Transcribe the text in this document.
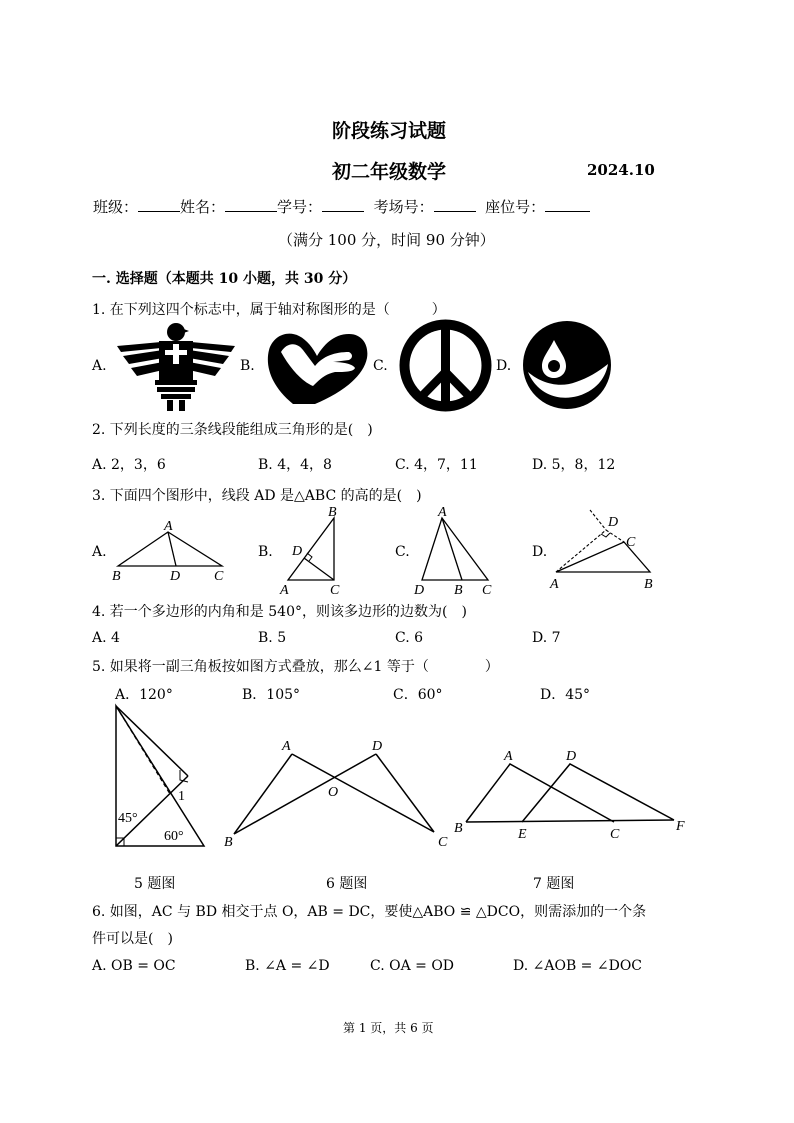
阶段练习试题
初二年级数学	2024.10
班级：	姓名：	学号：	考场号：	座位号：
（满分 100 分，时间 90 分钟）
一. 选择题（本题共 10 小题，共 30 分）
1. 在下列这四个标志中，属于轴对称图形的是（　　　）
A.	B.	C.	D.
2. 下列长度的三条线段能组成三角形的是(　)
A. 2，3，6	B. 4，4，8	C. 4，7，11	D. 5，8，12
3. 下面四个图形中，线段 AD 是△ABC 的高的是(　)
A.	B.	C.	D.
A
B	D C
B
D
A	C
A
D B C
D
C
A	B
4. 若一个多边形的内角和是 540°，则该多边形的边数为(　)
A. 4	B. 5	C. 6	D. 7
5. 如果将一副三角板按如图方式叠放，那么∠1 等于（　　　　）
A．120°	B．105°	C．60°	D．45°
1
45°
60°
A	D
O
B	C
A	D
B	E	C
F
5 题图	6 题图	7 题图
6. 如图，AC 与 BD 相交于点 O，AB = DC，要使△ABO ≌ △DCO，则需添加的一个条
件可以是(　)
A. OB = OC	B. ∠A = ∠D	C. OA = OD	D. ∠AOB = ∠DOC
第 1 页，共 6 页
